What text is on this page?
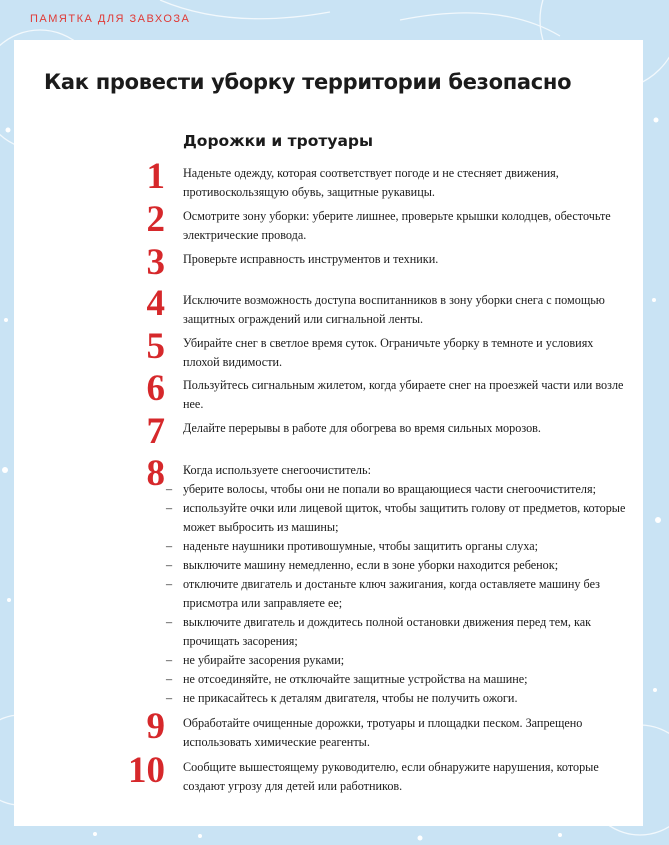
ПАМЯТКА ДЛЯ ЗАВХОЗА
Как провести уборку территории безопасно
Дорожки и тротуары
1 Наденьте одежду, которая соответствует погоде и не стесняет движения, противоскользящую обувь, защитные рукавицы.
2 Осмотрите зону уборки: уберите лишнее, проверьте крышки колодцев, обесточьте электрические провода.
3 Проверьте исправность инструментов и техники.
4 Исключите возможность доступа воспитанников в зону уборки снега с помощью защитных ограждений или сигнальной ленты.
5 Убирайте снег в светлое время суток. Ограничьте уборку в темноте и условиях плохой видимости.
6 Пользуйтесь сигнальным жилетом, когда убираете снег на проезжей части или возле нее.
7 Делайте перерывы в работе для обогрева во время сильных морозов.
8 Когда используете снегоочиститель:

– уберите волосы, чтобы они не попали во вращающиеся части снегоочистителя;
– используйте очки или лицевой щиток, чтобы защитить голову от предметов, которые может выбросить из машины;
– наденьте наушники противошумные, чтобы защитить органы слуха;
– выключите машину немедленно, если в зоне уборки находится ребенок;
– отключите двигатель и достаньте ключ зажигания, когда оставляете машину без присмотра или заправляете ее;
– выключите двигатель и дождитесь полной остановки движения перед тем, как прочищать засорения;
– не убирайте засорения руками;
– не отсоединяйте, не отключайте защитные устройства на машине;
– не прикасайтесь к деталям двигателя, чтобы не получить ожоги.
9 Обработайте очищенные дорожки, тротуары и площадки песком. Запрещено использовать химические реагенты.
10 Сообщите вышестоящему руководителю, если обнаружите нарушения, которые создают угрозу для детей или работников.
